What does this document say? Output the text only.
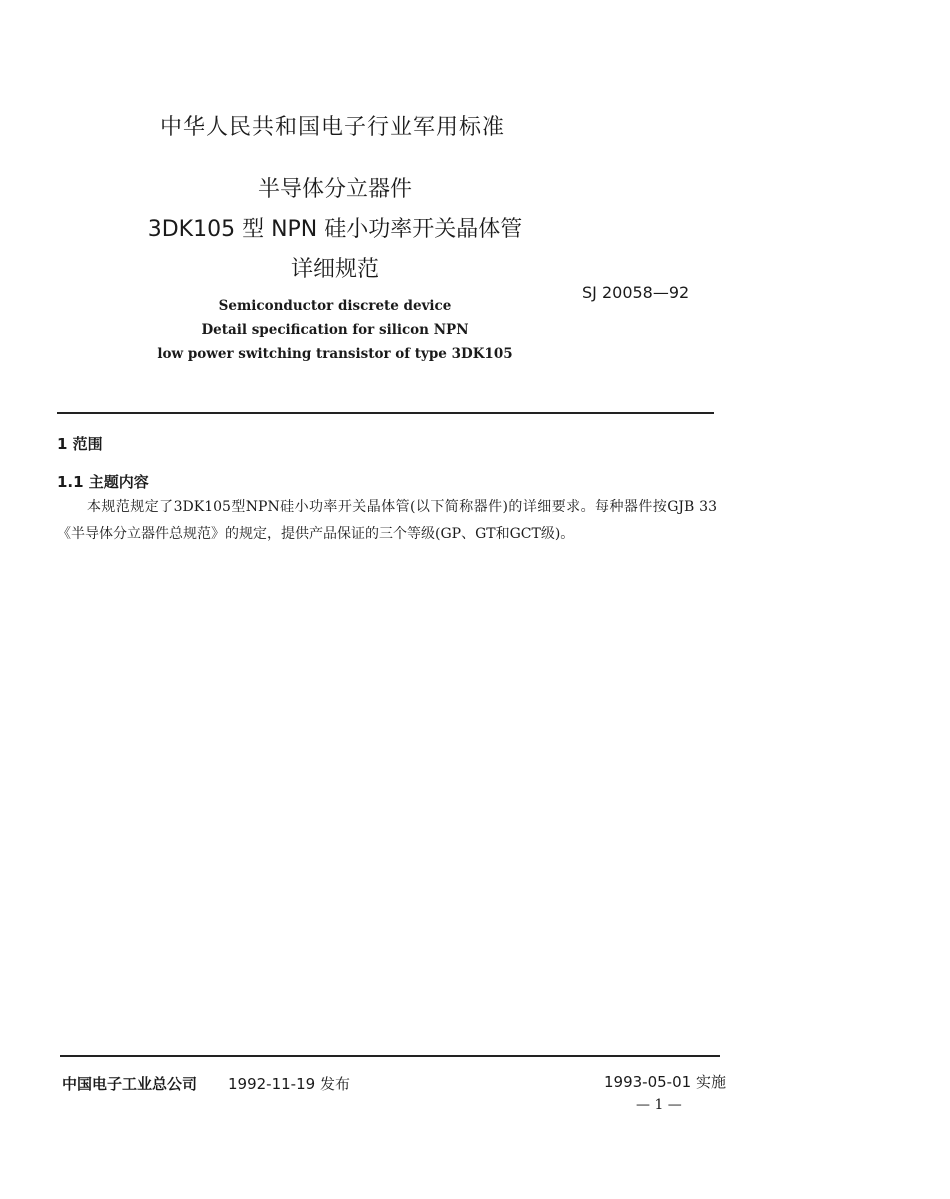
中华人民共和国电子行业军用标准
半导体分立器件
3DK105 型 NPN 硅小功率开关晶体管
详细规范
SJ 20058—92
Semiconductor discrete device
Detail specification for silicon NPN
low power switching transistor of type 3DK105
1 范围
1.1 主题内容
本规范规定了3DK105型NPN硅小功率开关晶体管(以下简称器件)的详细要求。每种器件按GJB 33《半导体分立器件总规范》的规定，提供产品保证的三个等级(GP、GT和GCT级)。
中国电子工业总公司 1992-11-19 发布	1993-05-01 实施
— 1 —
